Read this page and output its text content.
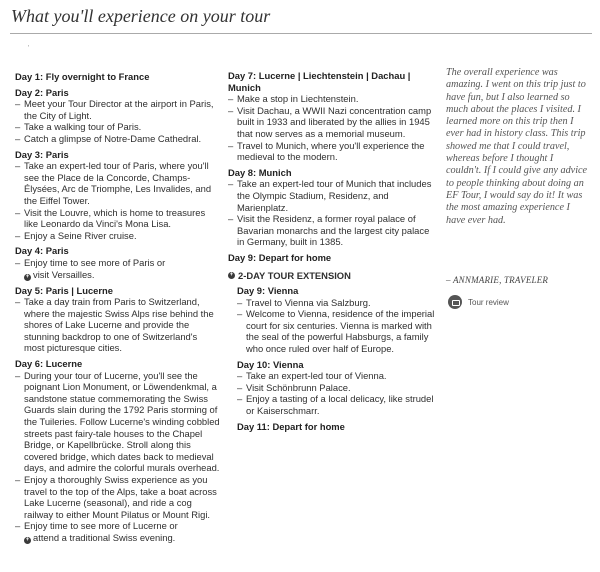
What you'll experience on your tour
'
Day 1: Fly overnight to France
Day 2: Paris
– Meet your Tour Director at the airport in Paris, the City of Light.
– Take a walking tour of Paris.
– Catch a glimpse of Notre-Dame Cathedral.
Day 3: Paris
– Take an expert-led tour of Paris, where you'll see the Place de la Concorde, Champs-Élysées, Arc de Triomphe, Les Invalides, and the Eiffel Tower.
– Visit the Louvre, which is home to treasures like Leonardo da Vinci's Mona Lisa.
– Enjoy a Seine River cruise.
Day 4: Paris
– Enjoy time to see more of Paris or
+ visit Versailles.
Day 5: Paris | Lucerne
– Take a day train from Paris to Switzerland, where the majestic Swiss Alps rise behind the shores of Lake Lucerne and provide the stunning backdrop to one of Switzerland's most picturesque cities.
Day 6: Lucerne
– During your tour of Lucerne, you'll see the poignant Lion Monument, or Löwendenkmal, a sandstone statue commemorating the Swiss Guards slain during the 1792 Paris storming of the Tuileries. Follow Lucerne's winding cobbled streets past fairy-tale houses to the Chapel Bridge, or Kapellbrücke. Stroll along this covered bridge, which dates back to medieval days, and admire the colorful murals overhead.
– Enjoy a thoroughly Swiss experience as you travel to the top of the Alps, take a boat across Lake Lucerne (seasonal), and ride a cog railway to either Mount Pilatus or Mount Rigi.
– Enjoy time to see more of Lucerne or
+ attend a traditional Swiss evening.
Day 7: Lucerne | Liechtenstein | Dachau | Munich
– Make a stop in Liechtenstein.
– Visit Dachau, a WWII Nazi concentration camp built in 1933 and liberated by the allies in 1945 that now serves as a memorial museum.
– Travel to Munich, where you'll experience the medieval to the modern.
Day 8: Munich
– Take an expert-led tour of Munich that includes the Olympic Stadium, Residenz, and Marienplatz.
– Visit the Residenz, a former royal palace of Bavarian monarchs and the largest city palace in Germany, built in 1385.
Day 9: Depart for home
+ 2-DAY TOUR EXTENSION
Day 9: Vienna
– Travel to Vienna via Salzburg.
– Welcome to Vienna, residence of the imperial court for six centuries. Vienna is marked with the seal of the powerful Habsburgs, a family who once ruled over half of Europe.
Day 10: Vienna
– Take an expert-led tour of Vienna.
– Visit Schönbrunn Palace.
– Enjoy a tasting of a local delicacy, like strudel or Kaiserschmarr.
Day 11: Depart for home

The overall experience was amazing. I went on this trip just to have fun, but I also learned so much about the places I visited. I learned more on this trip then I ever had in history class. This trip showed me that I could travel, whereas before I thought I couldn't. If I could give any advice to people thinking about doing an EF Tour, I would say do it! It was the most amazing experience I have ever had.

– ANNMARIE, TRAVELER
Tour review
